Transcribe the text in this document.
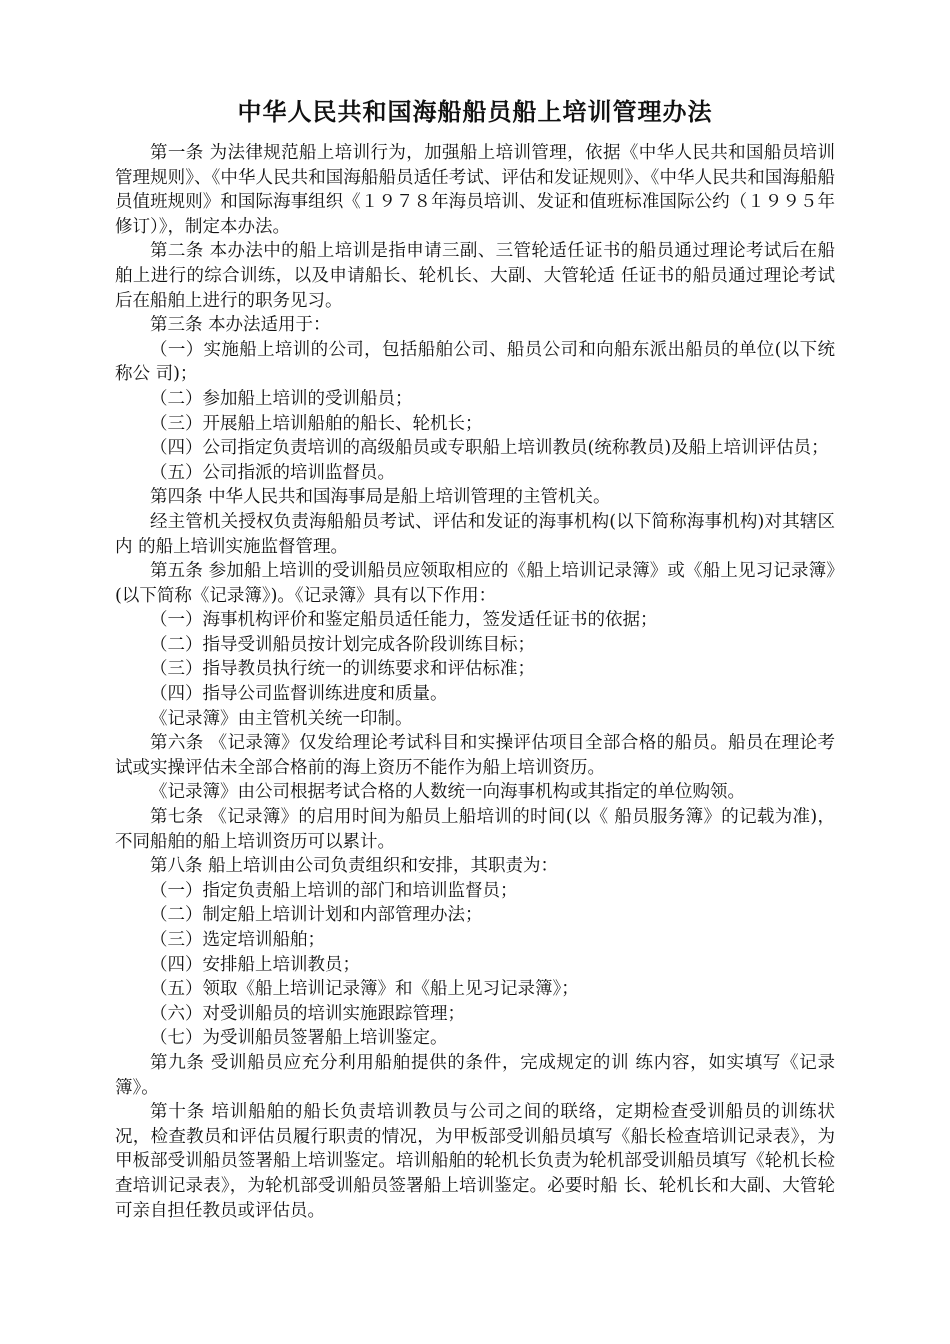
中华人民共和国海船船员船上培训管理办法

第一条 为法律规范船上培训行为，加强船上培训管理，依据《中华人民共和国船员培训管理规则》、《中华人民共和国海船船员适任考试、评估和发证规则》、《中华人民共和国海船船员值班规则》和国际海事组织《１９７８年海员培训、发证和值班标准国际公约（１９９５年修订）》，制定本办法。

第二条 本办法中的船上培训是指申请三副、三管轮适任证书的船员通过理论考试后在船舶上进行的综合训练，以及申请船长、轮机长、大副、大管轮适 任证书的船员通过理论考试后在船舶上进行的职务见习。

第三条 本办法适用于：

（一）实施船上培训的公司，包括船舶公司、船员公司和向船东派出船员的单位(以下统称公 司)；

（二）参加船上培训的受训船员；

（三）开展船上培训船舶的船长、轮机长；

（四）公司指定负责培训的高级船员或专职船上培训教员(统称教员)及船上培训评估员；

（五）公司指派的培训监督员。

第四条 中华人民共和国海事局是船上培训管理的主管机关。

经主管机关授权负责海船船员考试、评估和发证的海事机构(以下简称海事机构)对其辖区内 的船上培训实施监督管理。

第五条 参加船上培训的受训船员应领取相应的《船上培训记录簿》或《船上见习记录簿》(以下简称《记录簿》)。《记录簿》具有以下作用：

（一）海事机构评价和鉴定船员适任能力，签发适任证书的依据；

（二）指导受训船员按计划完成各阶段训练目标；

（三）指导教员执行统一的训练要求和评估标准；

（四）指导公司监督训练进度和质量。

《记录簿》由主管机关统一印制。

第六条 《记录簿》仅发给理论考试科目和实操评估项目全部合格的船员。船员在理论考试或实操评估未全部合格前的海上资历不能作为船上培训资历。

《记录簿》由公司根据考试合格的人数统一向海事机构或其指定的单位购领。

第七条 《记录簿》的启用时间为船员上船培训的时间(以《 船员服务簿》的记载为准)，不同船舶的船上培训资历可以累计。

第八条 船上培训由公司负责组织和安排，其职责为：

（一）指定负责船上培训的部门和培训监督员；

（二）制定船上培训计划和内部管理办法；

（三）选定培训船舶；

（四）安排船上培训教员；

（五）领取《船上培训记录簿》和《船上见习记录簿》；

（六）对受训船员的培训实施跟踪管理；

（七）为受训船员签署船上培训鉴定。

第九条 受训船员应充分利用船舶提供的条件，完成规定的训 练内容，如实填写《记录簿》。

第十条 培训船舶的船长负责培训教员与公司之间的联络，定期检查受训船员的训练状况，检查教员和评估员履行职责的情况，为甲板部受训船员填写《船长检查培训记录表》，为甲板部受训船员签署船上培训鉴定。培训船舶的轮机长负责为轮机部受训船员填写《轮机长检查培训记录表》，为轮机部受训船员签署船上培训鉴定。必要时船 长、轮机长和大副、大管轮可亲自担任教员或评估员。
